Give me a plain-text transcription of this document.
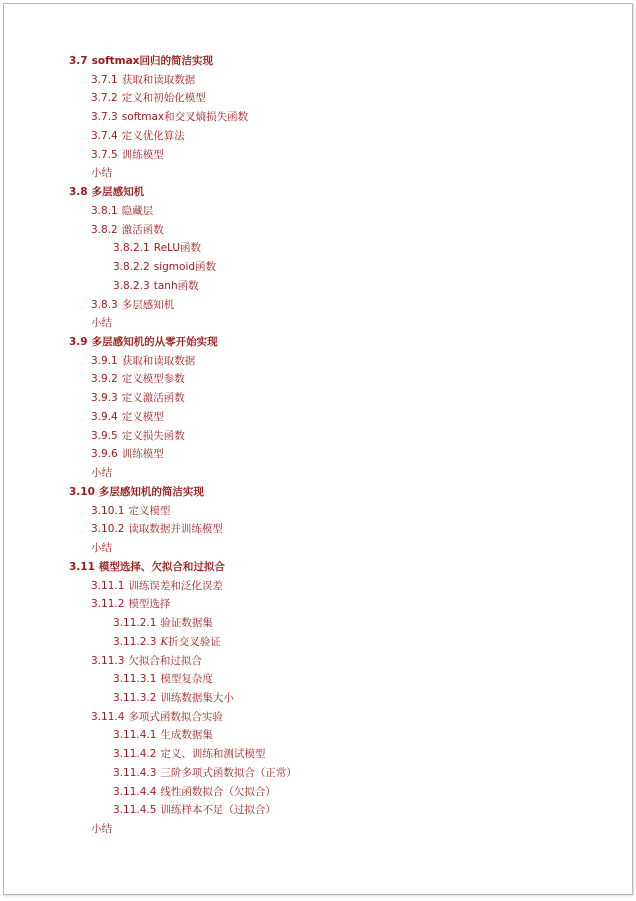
3.7 softmax回归的简洁实现
3.7.1 获取和读取数据
3.7.2 定义和初始化模型
3.7.3 softmax和交叉熵损失函数
3.7.4 定义优化算法
3.7.5 训练模型
小结
3.8 多层感知机
3.8.1 隐藏层
3.8.2 激活函数
3.8.2.1 ReLU函数
3.8.2.2 sigmoid函数
3.8.2.3 tanh函数
3.8.3 多层感知机
小结
3.9 多层感知机的从零开始实现
3.9.1 获取和读取数据
3.9.2 定义模型参数
3.9.3 定义激活函数
3.9.4 定义模型
3.9.5 定义损失函数
3.9.6 训练模型
小结
3.10 多层感知机的简洁实现
3.10.1 定义模型
3.10.2 读取数据并训练模型
小结
3.11 模型选择、欠拟合和过拟合
3.11.1 训练误差和泛化误差
3.11.2 模型选择
3.11.2.1 验证数据集
3.11.2.3 K折交叉验证
3.11.3 欠拟合和过拟合
3.11.3.1 模型复杂度
3.11.3.2 训练数据集大小
3.11.4 多项式函数拟合实验
3.11.4.1 生成数据集
3.11.4.2 定义、训练和测试模型
3.11.4.3 三阶多项式函数拟合（正常）
3.11.4.4 线性函数拟合（欠拟合）
3.11.4.5 训练样本不足（过拟合）
小结
